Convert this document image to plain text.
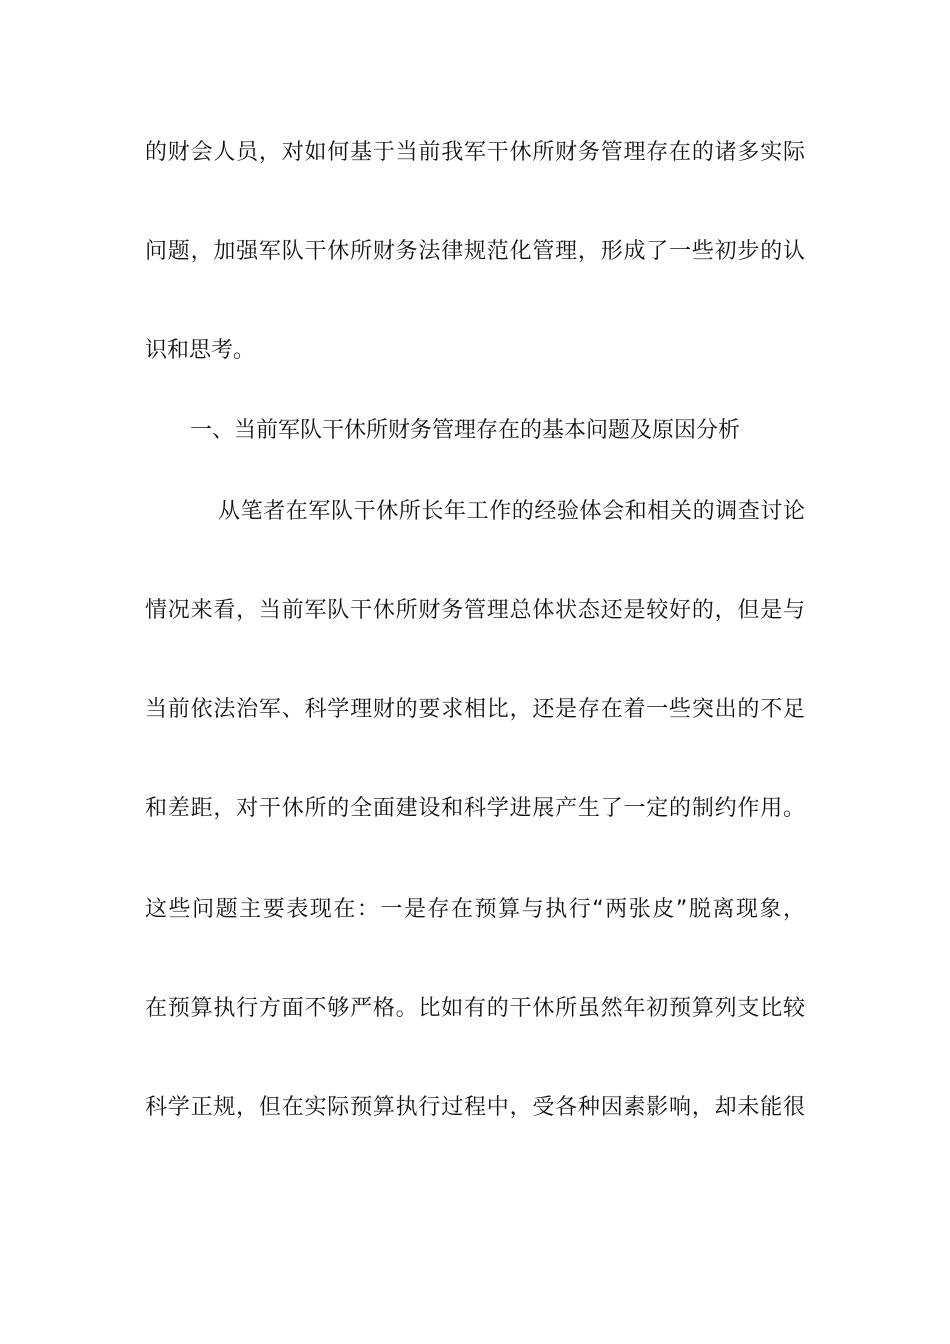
的财会人员，对如何基于当前我军干休所财务管理存在的诸多实际
问题，加强军队干休所财务法律规范化管理，形成了一些初步的认
识和思考。
一、当前军队干休所财务管理存在的基本问题及原因分析
从笔者在军队干休所长年工作的经验体会和相关的调查讨论
情况来看，当前军队干休所财务管理总体状态还是较好的，但是与
当前依法治军、科学理财的要求相比，还是存在着一些突出的不足
和差距，对干休所的全面建设和科学进展产生了一定的制约作用。
这些问题主要表现在：一是存在预算与执行“两张皮”脱离现象，
在预算执行方面不够严格。比如有的干休所虽然年初预算列支比较
科学正规，但在实际预算执行过程中，受各种因素影响，却未能很
